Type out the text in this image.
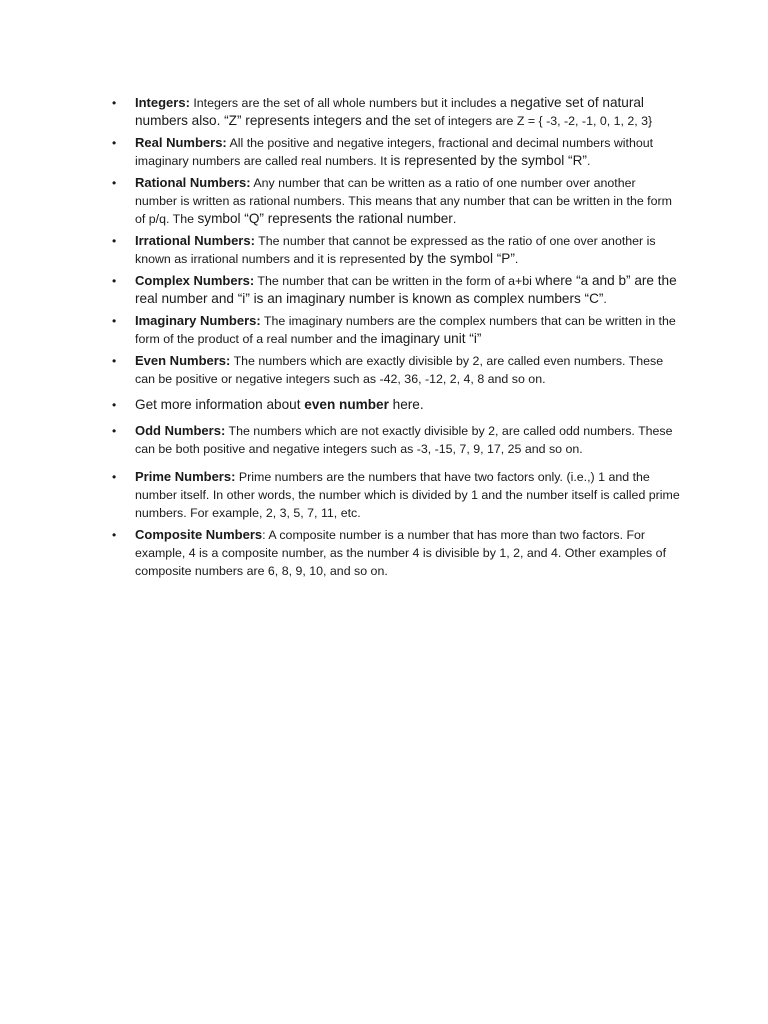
• Integers: Integers are the set of all whole numbers but it includes a negative set of natural numbers also. “Z” represents integers and the set of integers are Z = { -3, -2, -1, 0, 1, 2, 3}
• Real Numbers: All the positive and negative integers, fractional and decimal numbers without imaginary numbers are called real numbers. It is represented by the symbol “R”.
• Rational Numbers: Any number that can be written as a ratio of one number over another number is written as rational numbers. This means that any number that can be written in the form of p/q. The symbol “Q” represents the rational number.
• Irrational Numbers: The number that cannot be expressed as the ratio of one over another is known as irrational numbers and it is represented by the symbol “P”.
• Complex Numbers: The number that can be written in the form of a+bi where “a and b” are the real number and “i” is an imaginary number is known as complex numbers “C”.
• Imaginary Numbers: The imaginary numbers are the complex numbers that can be written in the form of the product of a real number and the imaginary unit “i”
• Even Numbers: The numbers which are exactly divisible by 2, are called even numbers. These can be positive or negative integers such as -42, 36, -12, 2, 4, 8 and so on.
• Get more information about even number here.
• Odd Numbers: The numbers which are not exactly divisible by 2, are called odd numbers. These can be both positive and negative integers such as -3, -15, 7, 9, 17, 25 and so on.
• Prime Numbers: Prime numbers are the numbers that have two factors only. (i.e.,) 1 and the number itself. In other words, the number which is divided by 1 and the number itself is called prime numbers. For example, 2, 3, 5, 7, 11, etc.
• Composite Numbers: A composite number is a number that has more than two factors. For example, 4 is a composite number, as the number 4 is divisible by 1, 2, and 4. Other examples of composite numbers are 6, 8, 9, 10, and so on.
